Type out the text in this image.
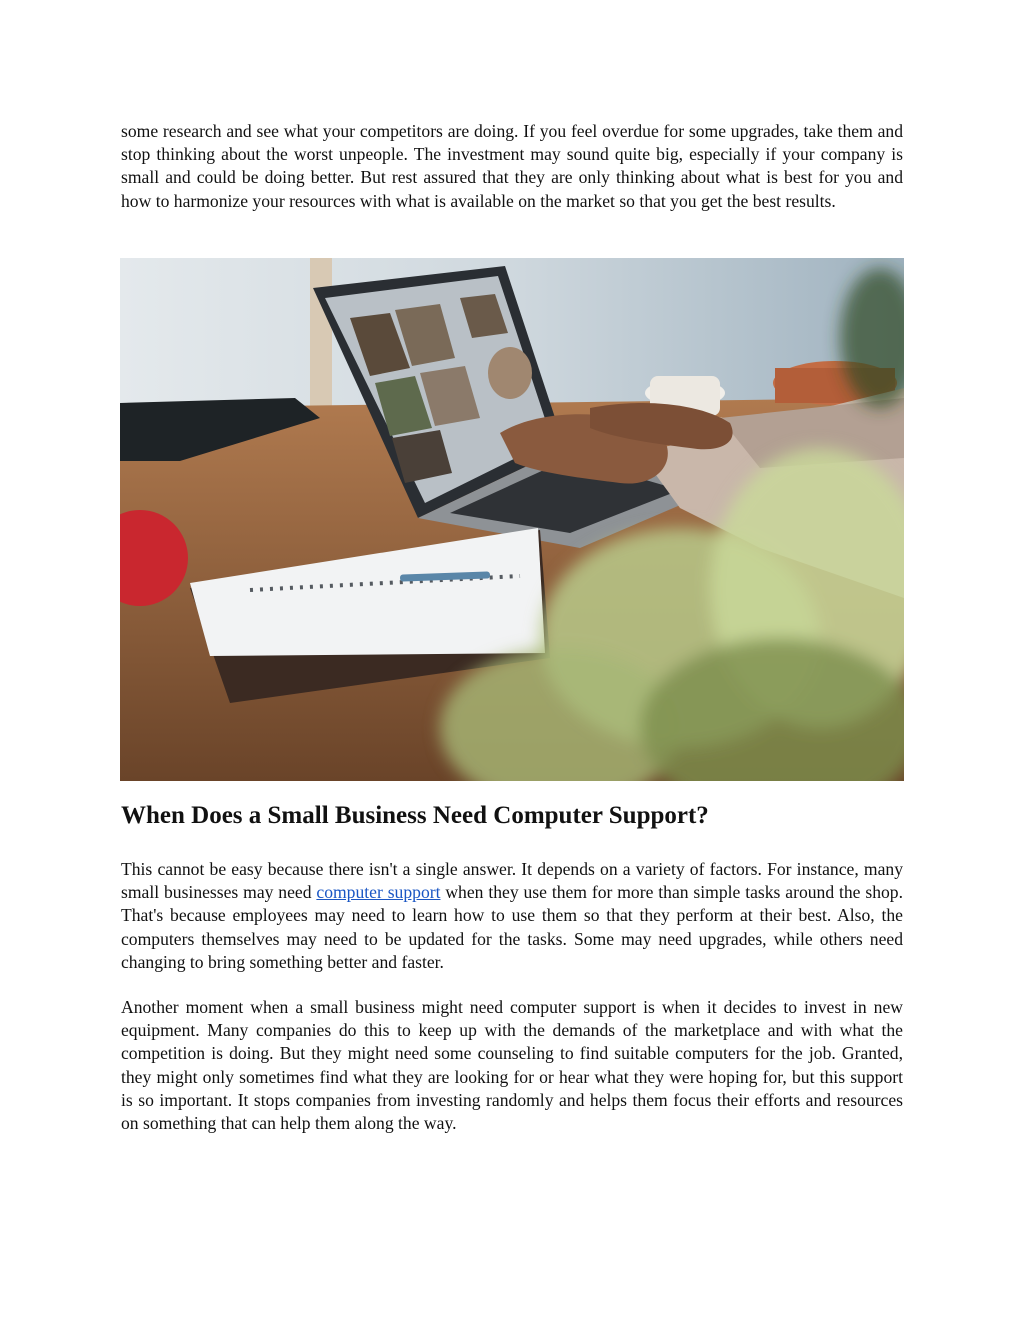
some research and see what your competitors are doing. If you feel overdue for some upgrades, take them and stop thinking about the worst unpeople. The investment may sound quite big, especially if your company is small and could be doing better. But rest assured that they are only thinking about what is best for you and how to harmonize your resources with what is available on the market so that you get the best results.

When Does a Small Business Need Computer Support?

This cannot be easy because there isn't a single answer. It depends on a variety of factors. For instance, many small businesses may need computer support when they use them for more than simple tasks around the shop. That's because employees may need to learn how to use them so that they perform at their best. Also, the computers themselves may need to be updated for the tasks. Some may need upgrades, while others need changing to bring something better and faster.

Another moment when a small business might need computer support is when it decides to invest in new equipment. Many companies do this to keep up with the demands of the marketplace and with what the competition is doing. But they might need some counseling to find suitable computers for the job. Granted, they might only sometimes find what they are looking for or hear what they were hoping for, but this support is so important. It stops companies from investing randomly and helps them focus their efforts and resources on something that can help them along the way.
